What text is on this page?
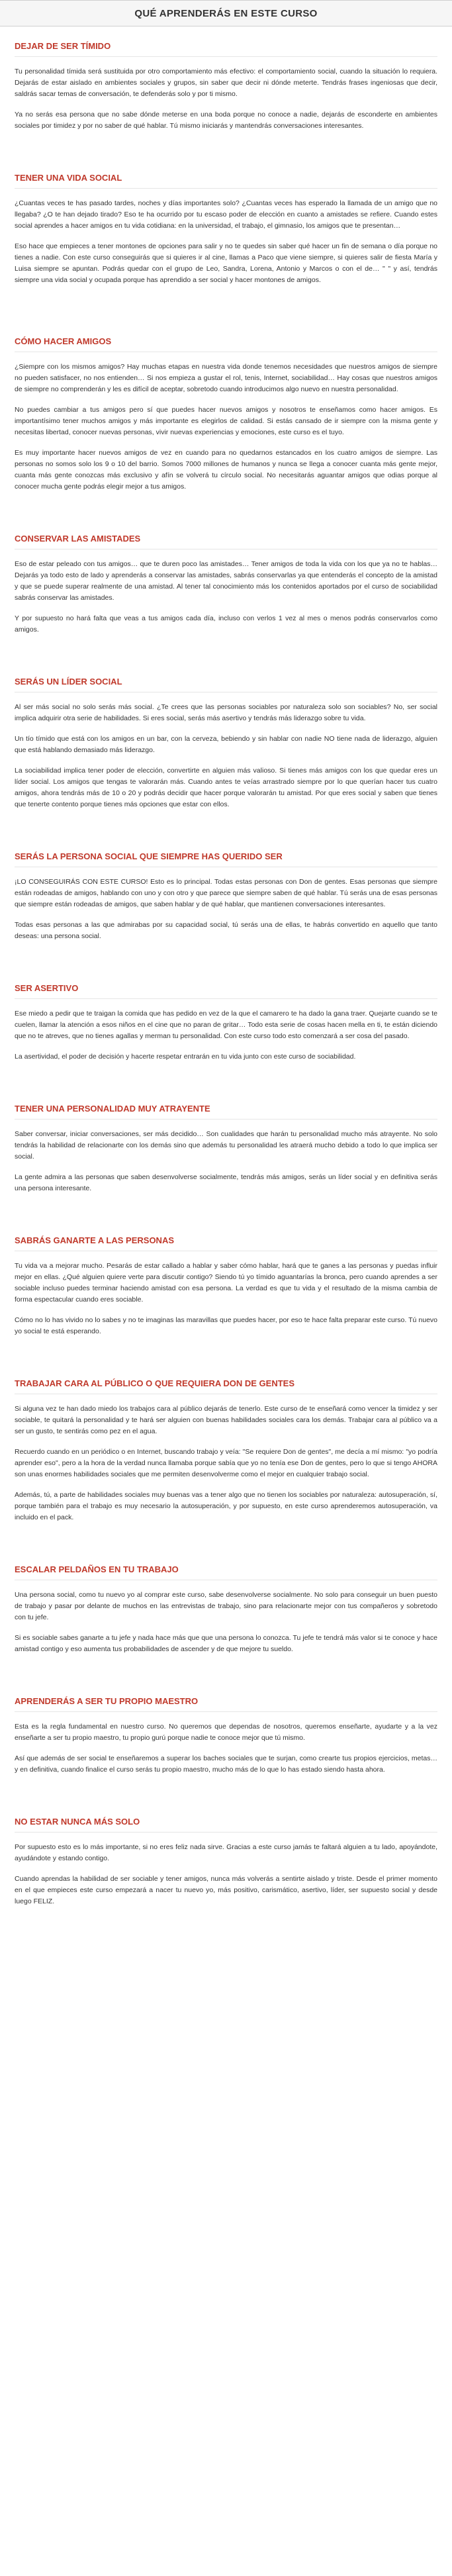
QUÉ APRENDERÁS EN ESTE CURSO
DEJAR DE SER TÍMIDO

Tu personalidad tímida será sustituida por otro comportamiento más efectivo: el comportamiento social, cuando la situación lo requiera. Dejarás de estar aislado en ambientes sociales y grupos, sin saber que decir ni dónde meterte. Tendrás frases ingeniosas que decir, saldrás sacar temas de conversación, te defenderás solo y por ti mismo.

Ya no serás esa persona que no sabe dónde meterse en una boda porque no conoce a nadie, dejarás de esconderte en ambientes sociales por timidez y por no saber de qué hablar. Tú mismo iniciarás y mantendrás conversaciones interesantes.

TENER UNA VIDA SOCIAL

¿Cuantas veces te has pasado tardes, noches y días importantes solo? ¿Cuantas veces has esperado la llamada de un amigo que no llegaba? ¿O te han dejado tirado? Eso te ha ocurrido por tu escaso poder de elección en cuanto a amistades se refiere. Cuando estes social aprendes a hacer amigos en tu vida cotidiana: en la universidad, el trabajo, el gimnasio, los amigos que te presentan…

Eso hace que empieces a tener montones de opciones para salir y no te quedes sin saber qué hacer un fin de semana o día porque no tienes a nadie. Con este curso conseguirás que si quieres ir al cine, llamas a Paco que viene siempre, si quieres salir de fiesta María y Luisa siempre se apuntan. Podrás quedar con el grupo de Leo, Sandra, Lorena, Antonio y Marcos o con el de… " " y así, tendrás siempre una vida social y ocupada porque has aprendido a ser social y hacer montones de amigos.

CÓMO HACER AMIGOS

¿Siempre con los mismos amigos? Hay muchas etapas en nuestra vida donde tenemos necesidades que nuestros amigos de siempre no pueden satisfacer, no nos entienden… Si nos empieza a gustar el rol, tenis, Internet, sociabilidad… Hay cosas que nuestros amigos de siempre no comprenderán y les es difícil de aceptar, sobretodo cuando introducimos algo nuevo en nuestra personalidad.

No puedes cambiar a tus amigos pero sí que puedes hacer nuevos amigos y nosotros te enseñamos como hacer amigos. Es importantísimo tener muchos amigos y más importante es elegirlos de calidad. Si estás cansado de ir siempre con la misma gente y necesitas libertad, conocer nuevas personas, vivir nuevas experiencias y emociones, este curso es el tuyo.

Es muy importante hacer nuevos amigos de vez en cuando para no quedarnos estancados en los cuatro amigos de siempre. Las personas no somos solo los 9 o 10 del barrio. Somos 7000 millones de humanos y nunca se llega a conocer cuanta más gente mejor, cuanta más gente conozcas más exclusivo y afín se volverá tu círculo social. No necesitarás aguantar amigos que odias porque al conocer mucha gente podrás elegir mejor a tus amigos.

CONSERVAR LAS AMISTADES

Eso de estar peleado con tus amigos… que te duren poco las amistades… Tener amigos de toda la vida con los que ya no te hablas… Dejarás ya todo esto de lado y aprenderás a conservar las amistades, sabrás conservarlas ya que entenderás el concepto de la amistad y que se puede superar realmente de una amistad. Al tener tal conocimiento más los contenidos aportados por el curso de sociabilidad sabrás conservar las amistades.

Y por supuesto no hará falta que veas a tus amigos cada día, incluso con verlos 1 vez al mes o menos podrás conservarlos como amigos.

SERÁS UN LÍDER SOCIAL

Al ser más social no solo serás más social. ¿Te crees que las personas sociables por naturaleza solo son sociables? No, ser social implica adquirir otra serie de habilidades. Si eres social, serás más asertivo y tendrás más liderazgo sobre tu vida.

Un tío tímido que está con los amigos en un bar, con la cerveza, bebiendo y sin hablar con nadie NO tiene nada de liderazgo, alguien que está hablando demasiado más liderazgo.

La sociabilidad implica tener poder de elección, convertirte en alguien más valioso. Si tienes más amigos con los que quedar eres un líder social. Los amigos que tengas te valorarán más. Cuando antes te veías arrastrado siempre por lo que querían hacer tus cuatro amigos, ahora tendrás más de 10 o 20 y podrás decidir que hacer porque valorarán tu amistad. Por que eres social y saben que tienes que tenerte contento porque tienes más opciones que estar con ellos.

SERÁS LA PERSONA SOCIAL QUE SIEMPRE HAS QUERIDO SER

¡LO CONSEGUIRÁS CON ESTE CURSO! Esto es lo principal. Todas estas personas con Don de gentes. Esas personas que siempre están rodeadas de amigos, hablando con uno y con otro y que parece que siempre saben de qué hablar. Tú serás una de esas personas que siempre están rodeadas de amigos, que saben hablar y de qué hablar, que mantienen conversaciones interesantes.

Todas esas personas a las que admirabas por su capacidad social, tú serás una de ellas, te habrás convertido en aquello que tanto deseas: una persona social.

SER ASERTIVO

Ese miedo a pedir que te traigan la comida que has pedido en vez de la que el camarero te ha dado la gana traer. Quejarte cuando se te cuelen, llamar la atención a esos niños en el cine que no paran de gritar… Todo esta serie de cosas hacen mella en ti, te están diciendo que no te atreves, que no tienes agallas y merman tu personalidad. Con este curso todo esto comenzará a ser cosa del pasado.

La asertividad, el poder de decisión y hacerte respetar entrarán en tu vida junto con este curso de sociabilidad.

TENER UNA PERSONALIDAD MUY ATRAYENTE

Saber conversar, iniciar conversaciones, ser más decidido… Son cualidades que harán tu personalidad mucho más atrayente. No solo tendrás la habilidad de relacionarte con los demás sino que además tu personalidad les atraerá mucho debido a todo lo que implica ser social.

La gente admira a las personas que saben desenvolverse socialmente, tendrás más amigos, serás un líder social y en definitiva serás una persona interesante.

SABRÁS GANARTE A LAS PERSONAS

Tu vida va a mejorar mucho. Pesarás de estar callado a hablar y saber cómo hablar, hará que te ganes a las personas y puedas influir mejor en ellas. ¿Qué alguien quiere verte para discutir contigo? Siendo tú yo tímido aguantarías la bronca, pero cuando aprendes a ser sociable incluso puedes terminar haciendo amistad con esa persona. La verdad es que tu vida y el resultado de la misma cambia de forma espectacular cuando eres sociable.

Cómo no lo has vivido no lo sabes y no te imaginas las maravillas que puedes hacer, por eso te hace falta preparar este curso. Tú nuevo yo social te está esperando.

TRABAJAR CARA AL PÚBLICO O QUE REQUIERA DON DE GENTES

Si alguna vez te han dado miedo los trabajos cara al público dejarás de tenerlo. Este curso de te enseñará como vencer la timidez y ser sociable, te quitará la personalidad y te hará ser alguien con buenas habilidades sociales cara los demás. Trabajar cara al público va a ser un gusto, te sentirás como pez en el agua.

Recuerdo cuando en un periódico o en Internet, buscando trabajo y veía: "Se requiere Don de gentes", me decía a mí mismo: "yo podría aprender eso", pero a la hora de la verdad nunca llamaba porque sabía que yo no tenía ese Don de gentes, pero lo que si tengo AHORA son unas enormes habilidades sociales que me permiten desenvolverme como el mejor en cualquier trabajo social.

Además, tú, a parte de habilidades sociales muy buenas vas a tener algo que no tienen los sociables por naturaleza: autosuperación, sí, porque también para el trabajo es muy necesario la autosuperación, y por supuesto, en este curso aprenderemos autosuperación, va incluido en el pack.

ESCALAR PELDAÑOS EN TU TRABAJO

Una persona social, como tu nuevo yo al comprar este curso, sabe desenvolverse socialmente. No solo para conseguir un buen puesto de trabajo y pasar por delante de muchos en las entrevistas de trabajo, sino para relacionarte mejor con tus compañeros y sobretodo con tu jefe.

Si es sociable sabes ganarte a tu jefe y nada hace más que que una persona lo conozca. Tu jefe te tendrá más valor si te conoce y hace amistad contigo y eso aumenta tus probabilidades de ascender y de que mejore tu sueldo.

APRENDERÁS A SER TU PROPIO MAESTRO

Esta es la regla fundamental en nuestro curso. No queremos que dependas de nosotros, queremos enseñarte, ayudarte y a la vez enseñarte a ser tu propio maestro, tu propio gurú porque nadie te conoce mejor que tú mismo.

Así que además de ser social te enseñaremos a superar los baches sociales que te surjan, como crearte tus propios ejercicios, metas… y en definitiva, cuando finalice el curso serás tu propio maestro, mucho más de lo que lo has estado siendo hasta ahora.

NO ESTAR NUNCA MÁS SOLO

Por supuesto esto es lo más importante, si no eres feliz nada sirve. Gracias a este curso jamás te faltará alguien a tu lado, apoyándote, ayudándote y estando contigo.

Cuando aprendas la habilidad de ser sociable y tener amigos, nunca más volverás a sentirte aislado y triste. Desde el primer momento en el que empieces este curso empezará a nacer tu nuevo yo, más positivo, carismático, asertivo, líder, ser supuesto social y desde luego FELIZ.
